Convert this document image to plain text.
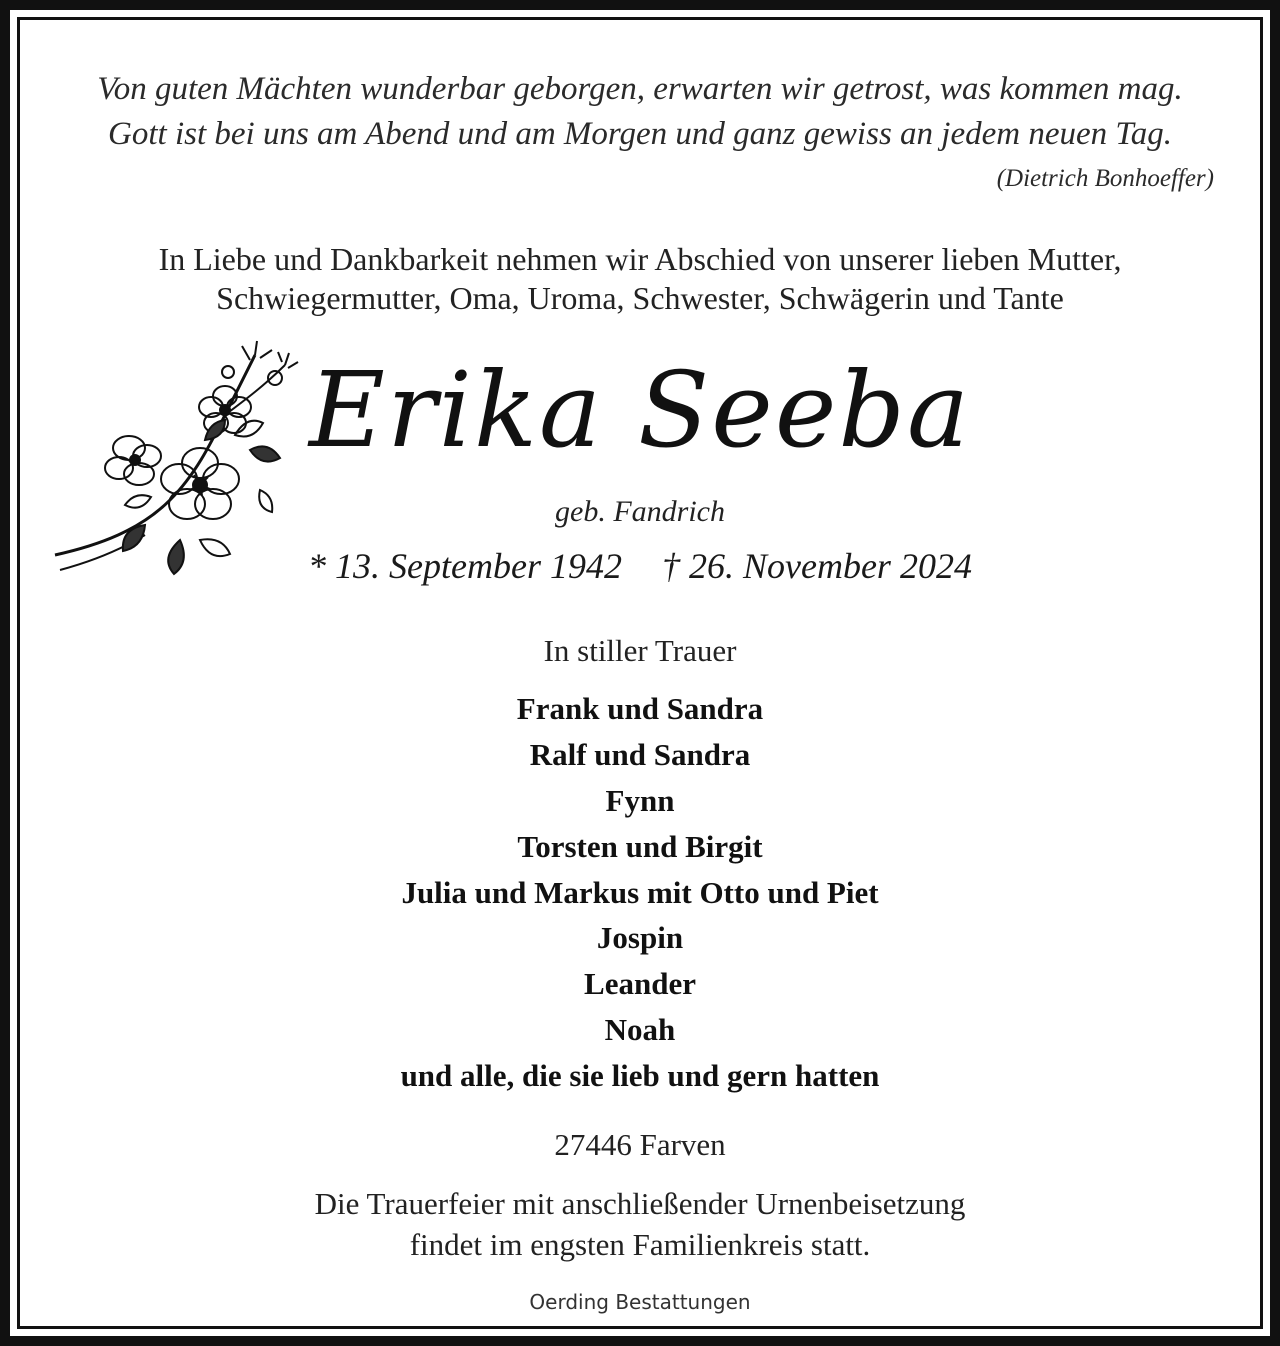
Von guten Mächten wunderbar geborgen, erwarten wir getrost, was kommen mag.
Gott ist bei uns am Abend und am Morgen und ganz gewiss an jedem neuen Tag.
(Dietrich Bonhoeffer)
In Liebe und Dankbarkeit nehmen wir Abschied von unserer lieben Mutter,
Schwiegermutter, Oma, Uroma, Schwester, Schwägerin und Tante
Erika Seeba
geb. Fandrich
* 13. September 1942 † 26. November 2024
In stiller Trauer
Frank und Sandra
Ralf und Sandra
Fynn
Torsten und Birgit
Julia und Markus mit Otto und Piet
Jospin
Leander
Noah
und alle, die sie lieb und gern hatten
27446 Farven
Die Trauerfeier mit anschließender Urnenbeisetzung
findet im engsten Familienkreis statt.
Oerding Bestattungen
